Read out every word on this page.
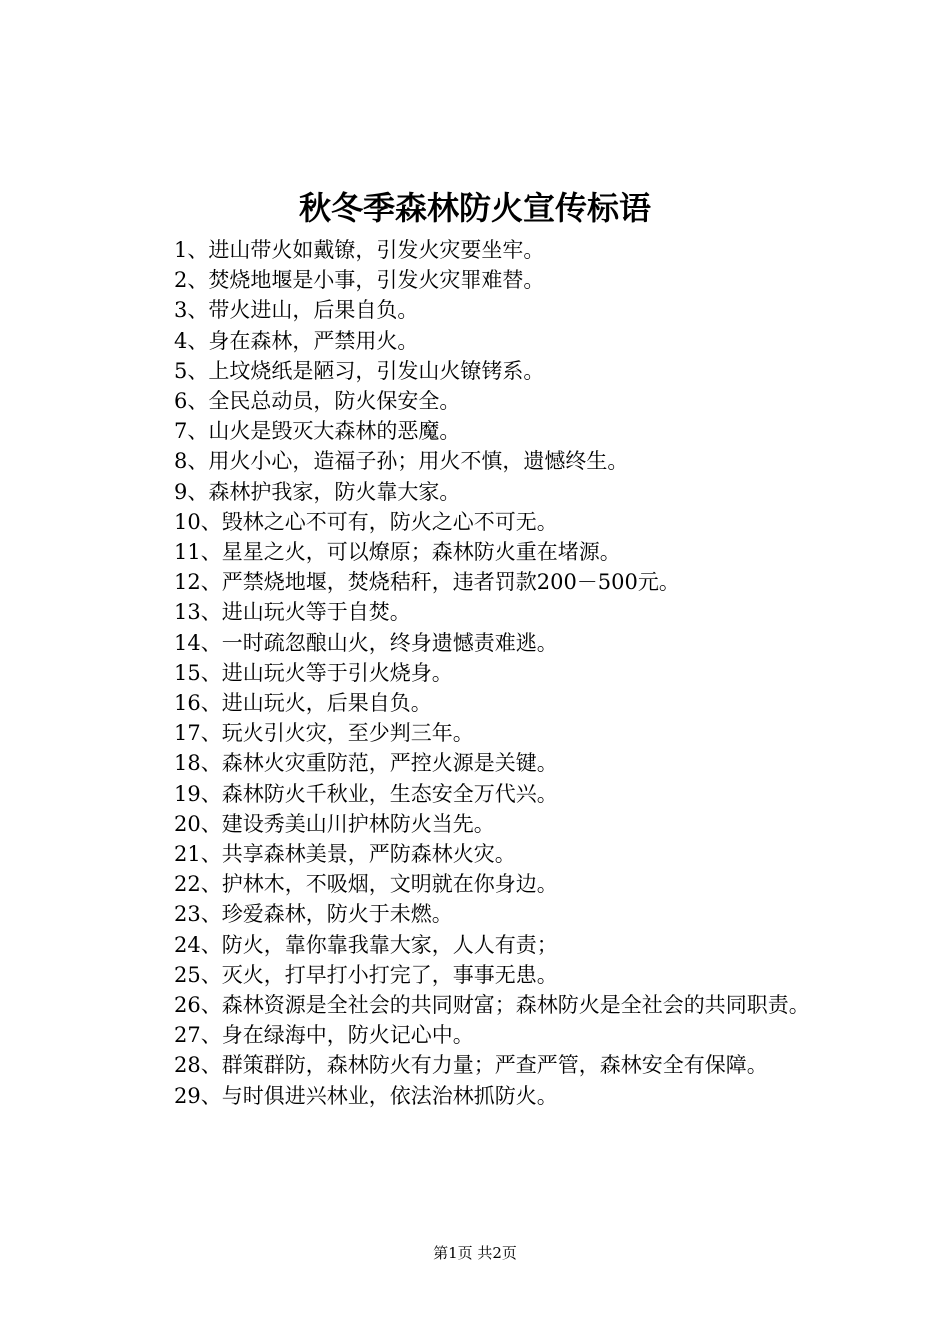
秋冬季森林防火宣传标语
1、进山带火如戴镣，引发火灾要坐牢。
2、焚烧地堰是小事，引发火灾罪难替。
3、带火进山，后果自负。
4、身在森林，严禁用火。
5、上坟烧纸是陋习，引发山火镣铐系。
6、全民总动员，防火保安全。
7、山火是毁灭大森林的恶魔。
8、用火小心，造福子孙；用火不慎，遗憾终生。
9、森林护我家，防火靠大家。
10、毁林之心不可有，防火之心不可无。
11、星星之火，可以燎原；森林防火重在堵源。
12、严禁烧地堰，焚烧秸秆，违者罚款200－500元。
13、进山玩火等于自焚。
14、一时疏忽酿山火，终身遗憾责难逃。
15、进山玩火等于引火烧身。
16、进山玩火，后果自负。
17、玩火引火灾，至少判三年。
18、森林火灾重防范，严控火源是关键。
19、森林防火千秋业，生态安全万代兴。
20、建设秀美山川护林防火当先。
21、共享森林美景，严防森林火灾。
22、护林木，不吸烟，文明就在你身边。
23、珍爱森林，防火于未燃。
24、防火，靠你靠我靠大家，人人有责；
25、灭火，打早打小打完了，事事无患。
26、森林资源是全社会的共同财富；森林防火是全社会的共同职责。
27、身在绿海中，防火记心中。
28、群策群防，森林防火有力量；严查严管，森林安全有保障。
29、与时俱进兴林业，依法治林抓防火。
第1页 共2页
